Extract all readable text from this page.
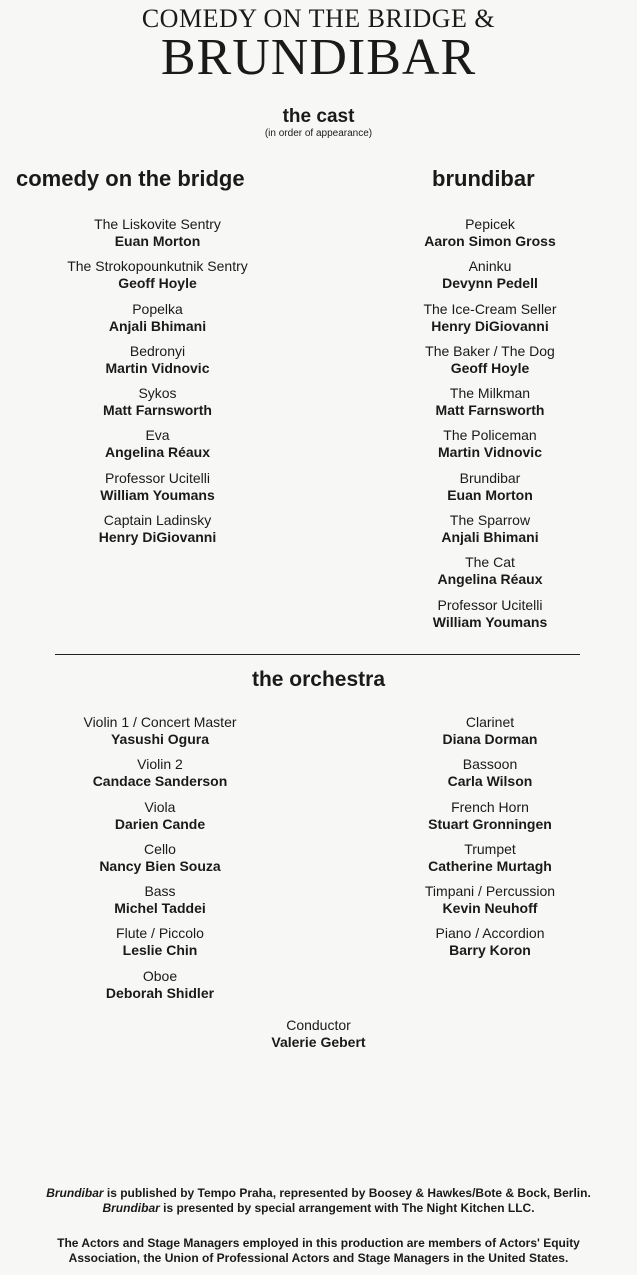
COMEDY ON THE BRIDGE &
BRUNDIBAR
the cast
(in order of appearance)
comedy on the bridge	brundibar
The Liskovite Sentry
Euan Morton
The Strokopounkutnik Sentry
Geoff Hoyle
Popelka
Anjali Bhimani
Bedronyi
Martin Vidnovic
Sykos
Matt Farnsworth
Eva
Angelina Réaux
Professor Ucitelli
William Youmans
Captain Ladinsky
Henry DiGiovanni
Pepicek
Aaron Simon Gross
Aninku
Devynn Pedell
The Ice-Cream Seller
Henry DiGiovanni
The Baker / The Dog
Geoff Hoyle
The Milkman
Matt Farnsworth
The Policeman
Martin Vidnovic
Brundibar
Euan Morton
The Sparrow
Anjali Bhimani
The Cat
Angelina Réaux
Professor Ucitelli
William Youmans
the orchestra
Violin 1 / Concert Master
Yasushi Ogura
Violin 2
Candace Sanderson
Viola
Darien Cande
Cello
Nancy Bien Souza
Bass
Michel Taddei
Flute / Piccolo
Leslie Chin
Oboe
Deborah Shidler
Clarinet
Diana Dorman
Bassoon
Carla Wilson
French Horn
Stuart Gronningen
Trumpet
Catherine Murtagh
Timpani / Percussion
Kevin Neuhoff
Piano / Accordion
Barry Koron
Conductor
Valerie Gebert
Brundibar is published by Tempo Praha, represented by Boosey & Hawkes/Bote & Bock, Berlin.
Brundibar is presented by special arrangement with The Night Kitchen LLC.
The Actors and Stage Managers employed in this production are members of Actors' Equity
Association, the Union of Professional Actors and Stage Managers in the United States.
